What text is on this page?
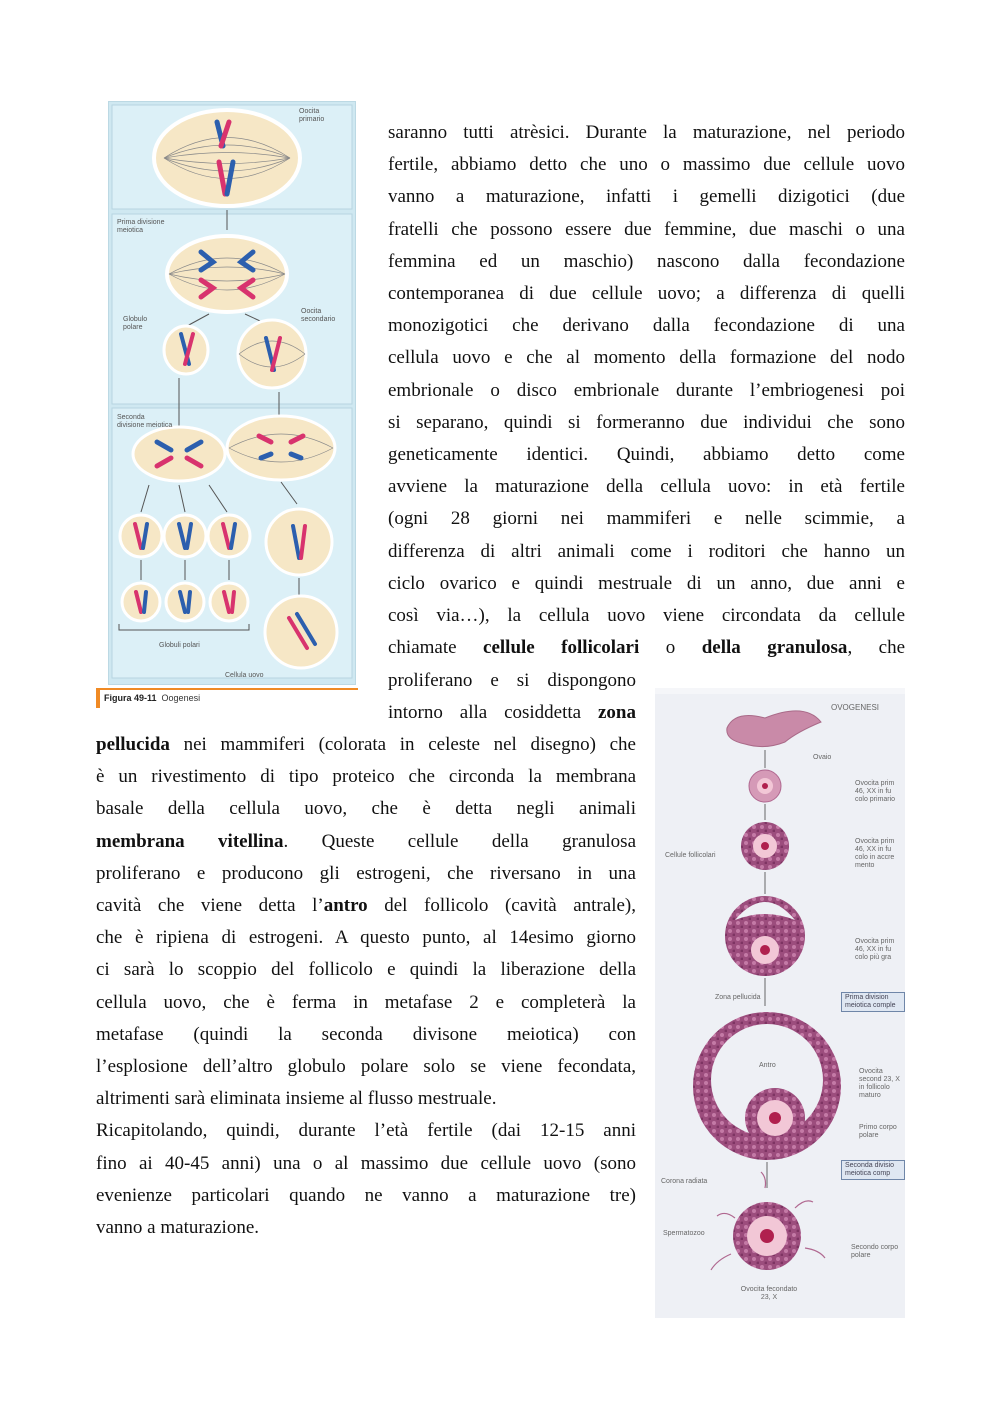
Oocita primario
Prima divisione meiotica
Globulo polare
Oocita secondario
Seconda divisione meiotica
Globuli polari
Cellula uovo
Figura 49-11 Oogenesi
OVOGENESI
Ovaio
Ovocita prim 46, XX in fu colo primario
Cellule follicolari
Ovocita prim 46, XX in fu colo in accre mento
Ovocita prim 46, XX in fu colo più gra
Zona pellucida	Prima division meiotica comple
Antro
Ovocita second 23, X in follicolo maturo
Primo corpo polare
Seconda divisio meiotica comp
Corona radiata
Spermatozoo
Secondo corpo polare
Ovocita fecondato 23, X
saranno tutti atrèsici. Durante la maturazione, nel periodo
fertile, abbiamo detto che uno o massimo due cellule uovo
vanno a maturazione, infatti i gemelli dizigotici (due
fratelli che possono essere due femmine, due maschi o una
femmina ed un maschio) nascono dalla fecondazione
contemporanea di due cellule uovo; a differenza di quelli
monozigotici che derivano dalla fecondazione di una
cellula uovo e che al momento della formazione del nodo
embrionale o disco embrionale durante l’embriogenesi poi
si separano, quindi si formeranno due individui che sono
geneticamente identici. Quindi, abbiamo detto come
avviene la maturazione della cellula uovo: in età fertile
(ogni 28 giorni nei mammiferi e nelle scimmie, a
differenza di altri animali come i roditori che hanno un
ciclo ovarico e quindi mestruale di un anno, due anni e
così via…), la cellula uovo viene circondata da cellule
chiamate cellule follicolari o della granulosa, che
proliferano e si dispongono
intorno alla cosiddetta zona
pellucida nei mammiferi (colorata in celeste nel disegno) che
è un rivestimento di tipo proteico che circonda la membrana
basale della cellula uovo, che è detta negli animali
membrana vitellina. Queste cellule della granulosa
proliferano e producono gli estrogeni, che riversano in una
cavità che viene detta l’antro del follicolo (cavità antrale),
che è ripiena di estrogeni. A questo punto, al 14esimo giorno
ci sarà lo scoppio del follicolo e quindi la liberazione della
cellula uovo, che è ferma in metafase 2 e completerà la
metafase (quindi la seconda divisone meiotica) con
l’esplosione dell’altro globulo polare solo se viene fecondata,
altrimenti sarà eliminata insieme al flusso mestruale.
Ricapitolando, quindi, durante l’età fertile (dai 12-15 anni
fino ai 40-45 anni) una o al massimo due cellule uovo (sono
evenienze particolari quando ne vanno a maturazione tre)
vanno a maturazione.
